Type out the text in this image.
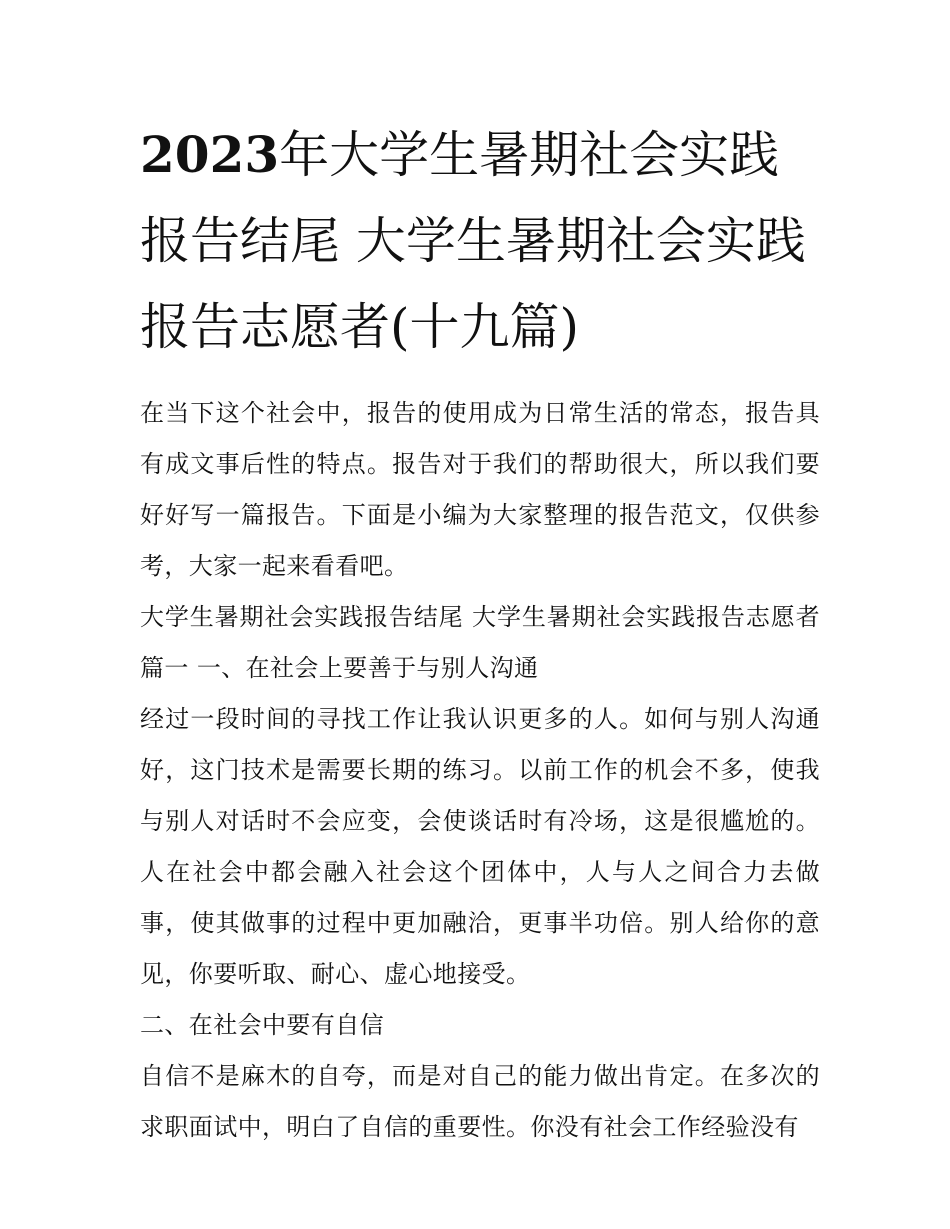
2023年大学生暑期社会实践报告结尾 大学生暑期社会实践报告志愿者(十九篇)

在当下这个社会中，报告的使用成为日常生活的常态，报告具有成文事后性的特点。报告对于我们的帮助很大，所以我们要好好写一篇报告。下面是小编为大家整理的报告范文，仅供参考，大家一起来看看吧。

大学生暑期社会实践报告结尾 大学生暑期社会实践报告志愿者篇一 一、在社会上要善于与别人沟通

经过一段时间的寻找工作让我认识更多的人。如何与别人沟通好，这门技术是需要长期的练习。以前工作的机会不多，使我与别人对话时不会应变，会使谈话时有冷场，这是很尴尬的。人在社会中都会融入社会这个团体中，人与人之间合力去做事，使其做事的过程中更加融洽，更事半功倍。别人给你的意见，你要听取、耐心、虚心地接受。

二、在社会中要有自信

自信不是麻木的自夸，而是对自己的能力做出肯定。在多次的求职面试中，明白了自信的重要性。你没有社会工作经验没有
